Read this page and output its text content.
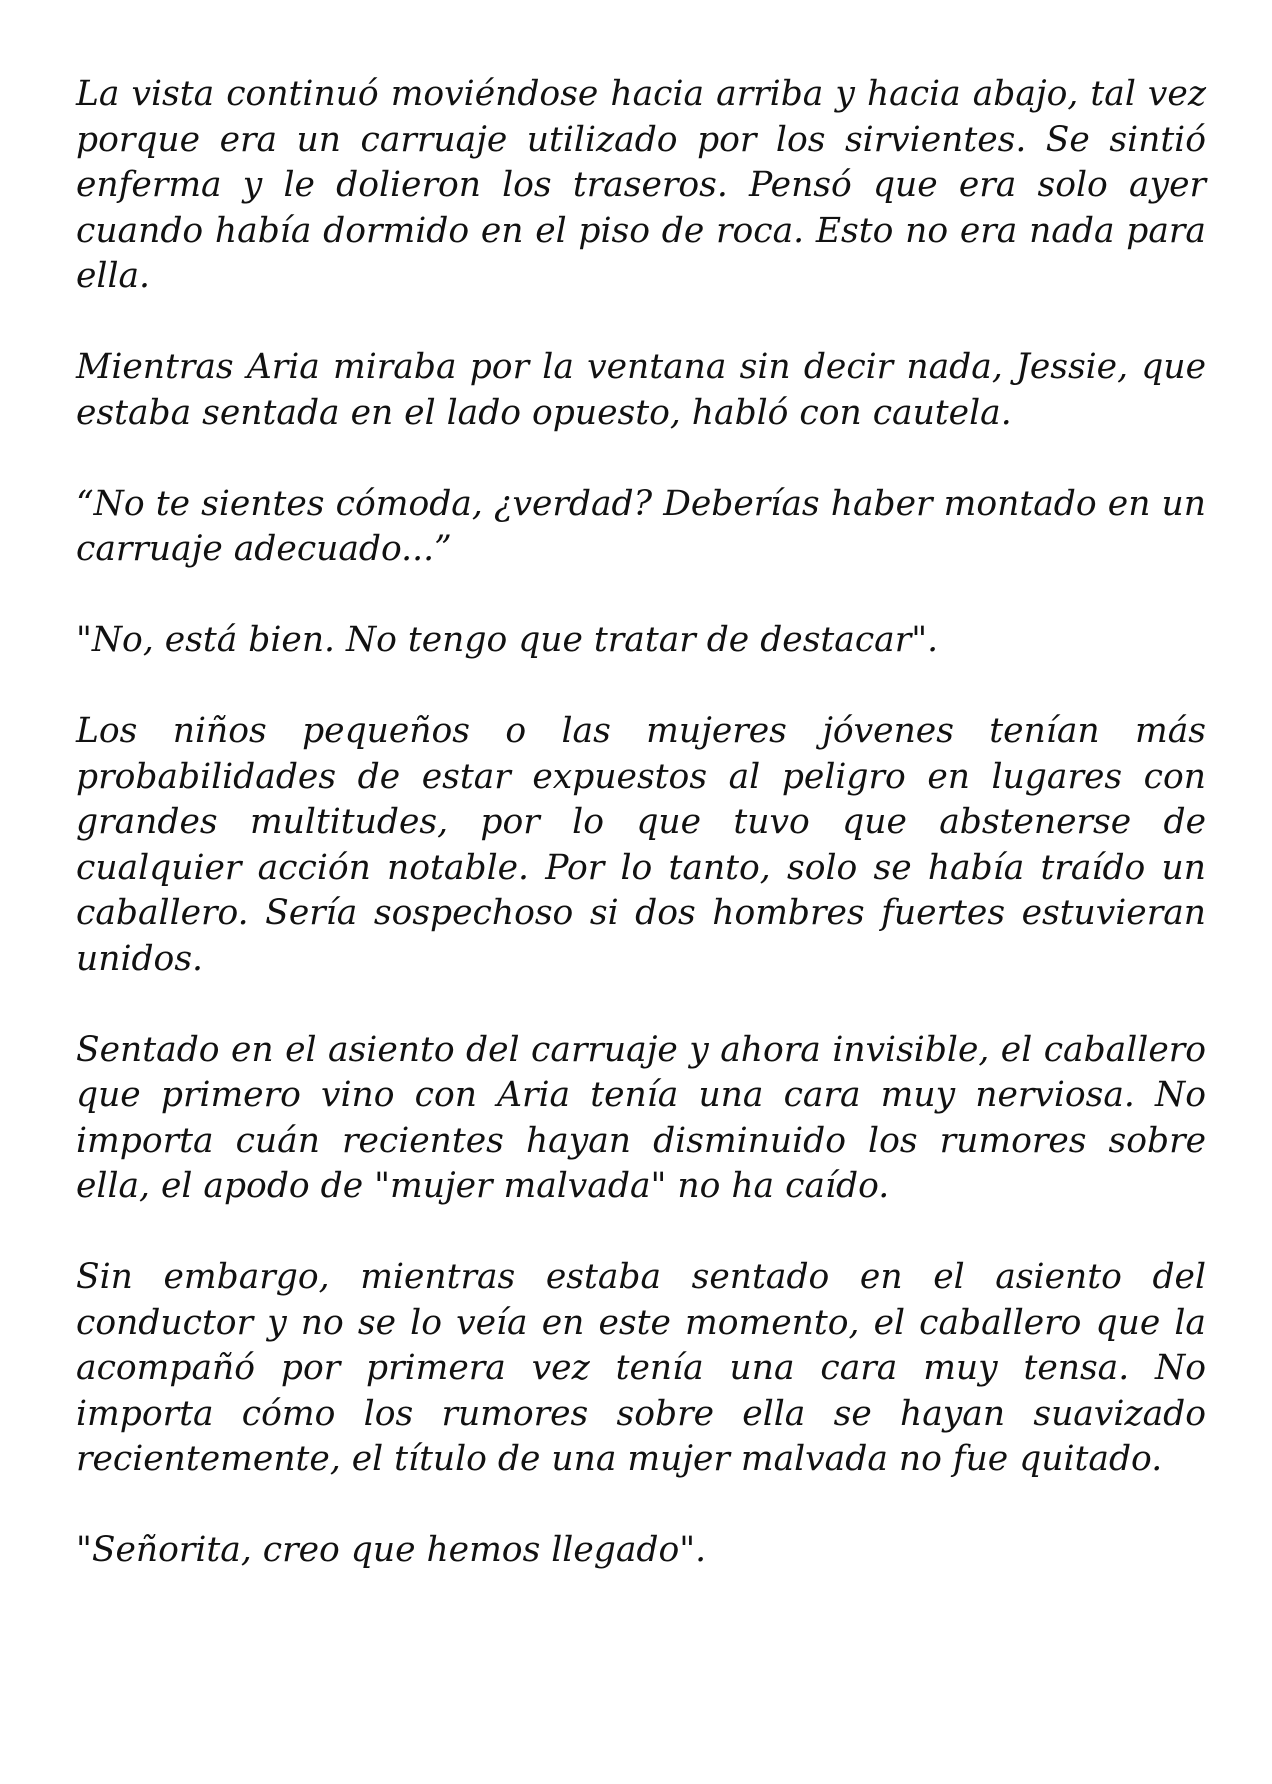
La vista continuó moviéndose hacia arriba y hacia abajo, tal vez porque era un carruaje utilizado por los sirvientes. Se sintió enferma y le dolieron los traseros. Pensó que era solo ayer cuando había dormido en el piso de roca. Esto no era nada para ella.

Mientras Aria miraba por la ventana sin decir nada, Jessie, que estaba sentada en el lado opuesto, habló con cautela.

“No te sientes cómoda, ¿verdad? Deberías haber montado en un carruaje adecuado...”

"No, está bien. No tengo que tratar de destacar".

Los niños pequeños o las mujeres jóvenes tenían más probabilidades de estar expuestos al peligro en lugares con grandes multitudes, por lo que tuvo que abstenerse de cualquier acción notable. Por lo tanto, solo se había traído un caballero. Sería sospechoso si dos hombres fuertes estuvieran unidos.

Sentado en el asiento del carruaje y ahora invisible, el caballero que primero vino con Aria tenía una cara muy nerviosa. No importa cuán recientes hayan disminuido los rumores sobre ella, el apodo de "mujer malvada" no ha caído.

Sin embargo, mientras estaba sentado en el asiento del conductor y no se lo veía en este momento, el caballero que la acompañó por primera vez tenía una cara muy tensa. No importa cómo los rumores sobre ella se hayan suavizado recientemente, el título de una mujer malvada no fue quitado.

"Señorita, creo que hemos llegado".
